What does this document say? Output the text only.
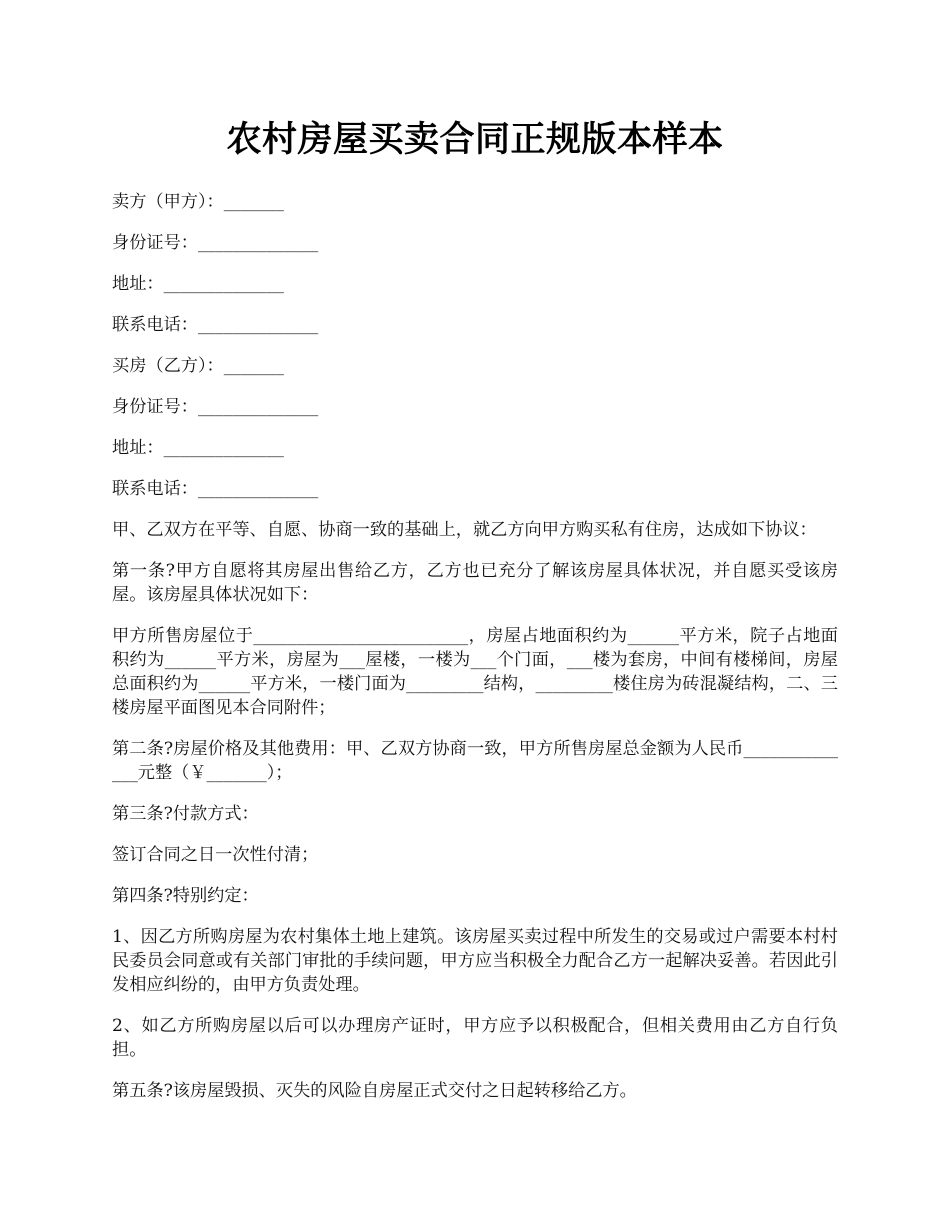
农村房屋买卖合同正规版本样本

卖方（甲方）：_______

身份证号：______________

地址：______________

联系电话：______________

买房（乙方）：_______

身份证号：______________

地址：______________

联系电话：______________

甲、乙双方在平等、自愿、协商一致的基础上，就乙方向甲方购买私有住房，达成如下协议：

第一条?甲方自愿将其房屋出售给乙方，乙方也已充分了解该房屋具体状况，并自愿买受该房屋。该房屋具体状况如下：

甲方所售房屋位于_________________________，房屋占地面积约为______平方米，院子占地面积约为______平方米，房屋为___屋楼，一楼为___个门面，___楼为套房，中间有楼梯间，房屋总面积约为______平方米，一楼门面为_________结构，_________楼住房为砖混凝结构，二、三楼房屋平面图见本合同附件；

第二条?房屋价格及其他费用：甲、乙双方协商一致，甲方所售房屋总金额为人民币______________元整（￥_______）；

第三条?付款方式：

签订合同之日一次性付清；

第四条?特别约定：

1、因乙方所购房屋为农村集体土地上建筑。该房屋买卖过程中所发生的交易或过户需要本村村民委员会同意或有关部门审批的手续问题，甲方应当积极全力配合乙方一起解决妥善。若因此引发相应纠纷的，由甲方负责处理。

2、如乙方所购房屋以后可以办理房产证时，甲方应予以积极配合，但相关费用由乙方自行负担。

第五条?该房屋毁损、灭失的风险自房屋正式交付之日起转移给乙方。
